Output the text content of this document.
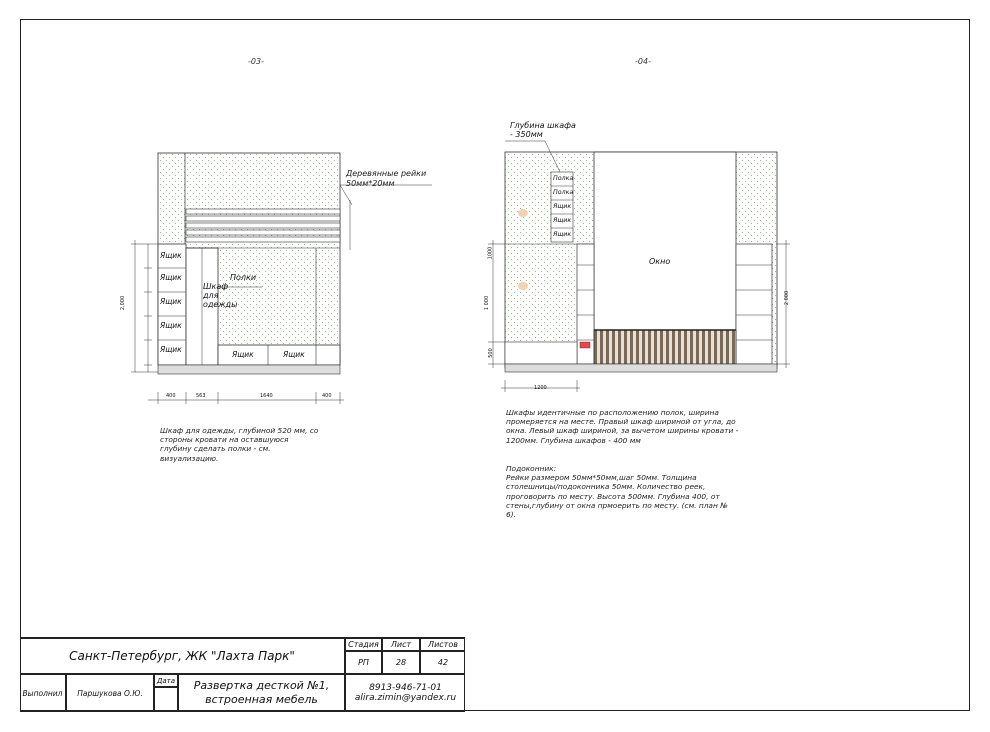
-03-	-04-
Деревянные рейки
50мм*20мм
Полки
Шкаф
для
одежды
Ящик
Ящик
Ящик
Ящик
Ящик
Ящик	Ящик
400	563	1640	400
2,000
Шкаф для одежды, глубиной 520 мм, со
стороны кровати на оставшуюся
глубину сделать полки - см.
визуализацию.
Глубина шкафа
- 350мм
Полка
Полка
Ящик
Ящик
Ящик
Окно
1200
1000
1 000
500
2 000
Шкафы идентичные по расположению полок, ширина
промеряется на месте. Правый шкаф шириной от угла, до
окна. Левый шкаф шириной, за вычетом ширины кровати -
1200мм. Глубина шкафов - 400 мм
Подоконник:
Рейки размером 50мм*50мм,шаг 50мм. Толщина
столешницы/подоконника 50мм. Количество реек,
проговорить по месту. Высота 500мм. Глубина 400, от
стены,глубину от окна прмоерить по месту. (см. план №
6).
Санкт-Петербург, ЖК "Лахта Парк"
Стадия	Лист	Листов
РП	28	42
Выполнил	Паршукова О.Ю.
Дата	Развертка десткой №1,
встроенная мебель
8913-946-71-01
alira.zimin@yandex.ru
